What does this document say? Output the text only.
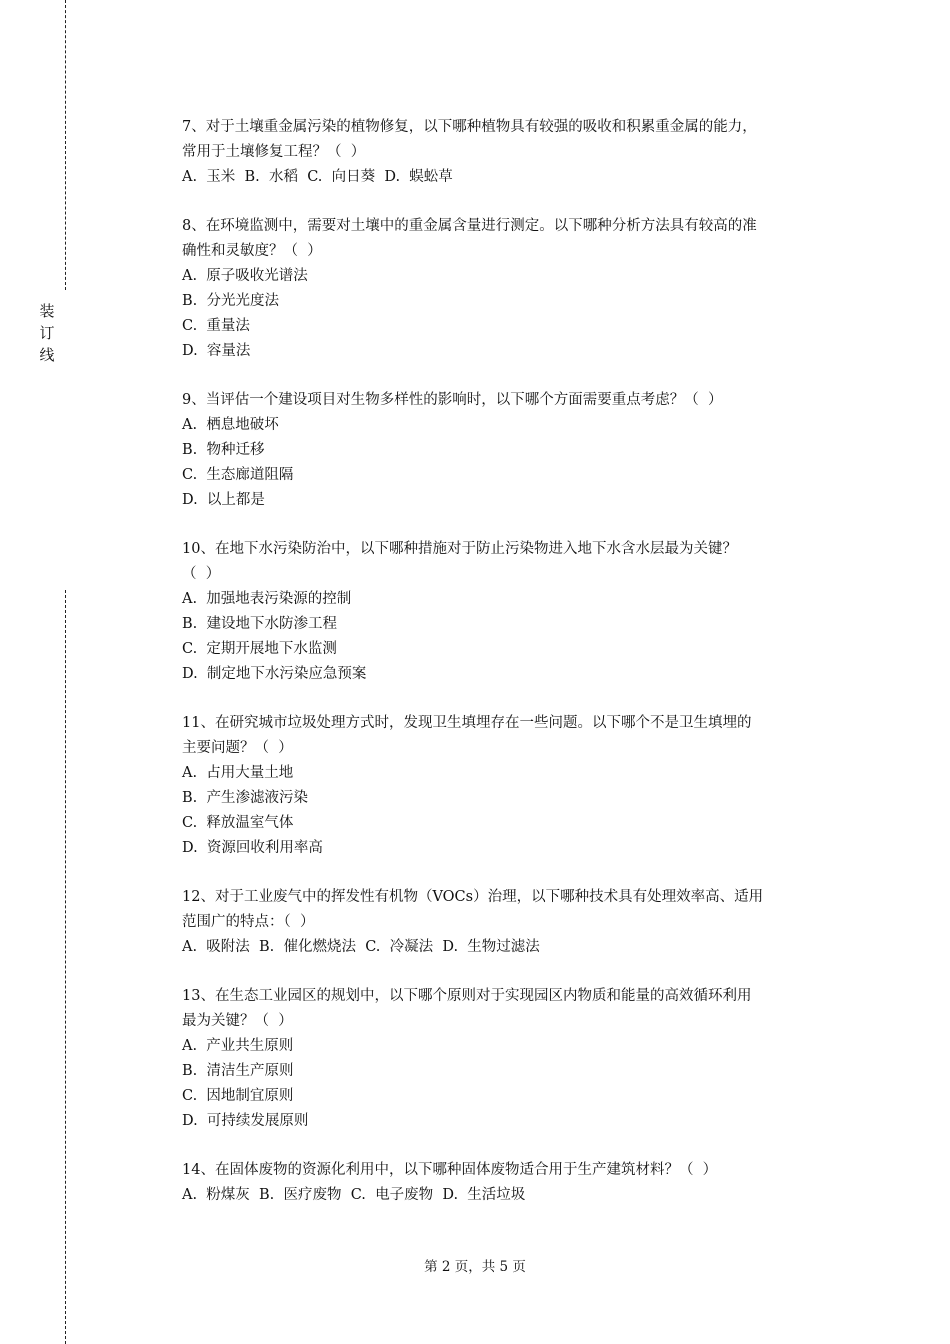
装
订
线
7、对于土壤重金属污染的植物修复，以下哪种植物具有较强的吸收和积累重金属的能力，
常用于土壤修复工程？（  ）
A.  玉米  B.  水稻  C.  向日葵  D.  蜈蚣草
8、在环境监测中，需要对土壤中的重金属含量进行测定。以下哪种分析方法具有较高的准
确性和灵敏度？（  ）
A.  原子吸收光谱法
B.  分光光度法
C.  重量法
D.  容量法
9、当评估一个建设项目对生物多样性的影响时，以下哪个方面需要重点考虑？（  ）
A.  栖息地破坏
B.  物种迁移
C.  生态廊道阻隔
D.  以上都是
10、在地下水污染防治中，以下哪种措施对于防止污染物进入地下水含水层最为关键？
（  ）
A.  加强地表污染源的控制
B.  建设地下水防渗工程
C.  定期开展地下水监测
D.  制定地下水污染应急预案
11、在研究城市垃圾处理方式时，发现卫生填埋存在一些问题。以下哪个不是卫生填埋的
主要问题？（  ）
A.  占用大量土地
B.  产生渗滤液污染
C.  释放温室气体
D.  资源回收利用率高
12、对于工业废气中的挥发性有机物（VOCs）治理，以下哪种技术具有处理效率高、适用
范围广的特点：（  ）
A.  吸附法  B.  催化燃烧法  C.  冷凝法  D.  生物过滤法
13、在生态工业园区的规划中，以下哪个原则对于实现园区内物质和能量的高效循环利用
最为关键？（  ）
A.  产业共生原则
B.  清洁生产原则
C.  因地制宜原则
D.  可持续发展原则
14、在固体废物的资源化利用中，以下哪种固体废物适合用于生产建筑材料？（  ）
A.  粉煤灰  B.  医疗废物  C.  电子废物  D.  生活垃圾
第 2 页，共 5 页
